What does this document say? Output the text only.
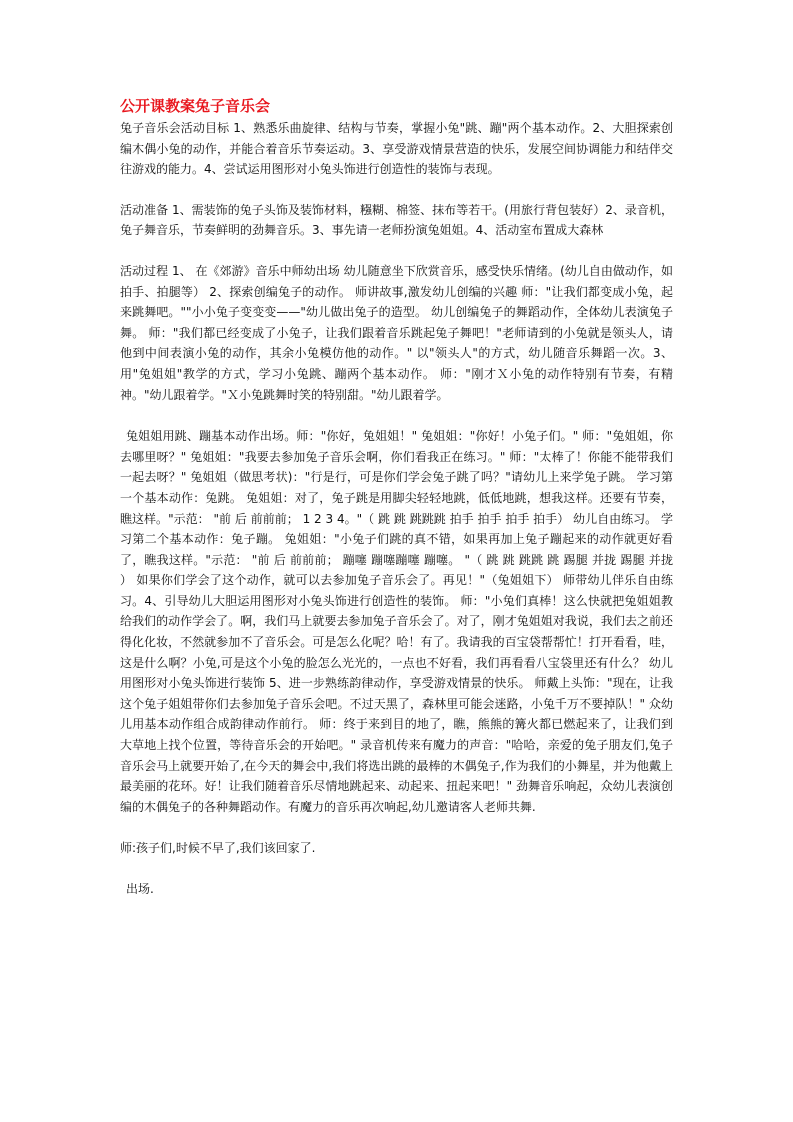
公开课教案兔子音乐会

兔子音乐会活动目标 1、熟悉乐曲旋律、结构与节奏，掌握小兔"跳、蹦"两个基本动作。2、大胆探索创编木偶小兔的动作，并能合着音乐节奏运动。3、享受游戏情景营造的快乐，发展空间协调能力和结伴交往游戏的能力。4、尝试运用图形对小兔头饰进行创造性的装饰与表现。

活动准备 1、需装饰的兔子头饰及装饰材料，糨糊、棉签、抹布等若干。(用旅行背包装好）2、录音机，兔子舞音乐，节奏鲜明的劲舞音乐。3、事先请一老师扮演兔姐姐。4、活动室布置成大森林

活动过程 1、 在《郊游》音乐中师幼出场 幼儿随意坐下欣赏音乐，感受快乐情绪。(幼儿自由做动作，如拍手、拍腿等） 2、探索创编兔子的动作。 师讲故事,激发幼儿创编的兴趣 师："让我们都变成小兔，起来跳舞吧。""小小兔子变变变——"幼儿做出兔子的造型。 幼儿创编兔子的舞蹈动作，全体幼儿表演兔子舞。 师："我们都已经变成了小兔子，让我们跟着音乐跳起兔子舞吧！"老师请到的小兔就是领头人，请他到中间表演小兔的动作，其余小兔模仿他的动作。" 以"领头人"的方式，幼儿随音乐舞蹈一次。3、用"兔姐姐"教学的方式，学习小兔跳、蹦两个基本动作。 师："刚才Ｘ小兔的动作特别有节奏，有精神。"幼儿跟着学。"Ｘ小兔跳舞时笑的特别甜。"幼儿跟着学。

兔姐姐用跳、蹦基本动作出场。师："你好，兔姐姐！" 兔姐姐："你好！小兔子们。" 师："兔姐姐，你去哪里呀？" 兔姐姐："我要去参加兔子音乐会啊，你们看我正在练习。" 师："太棒了！你能不能带我们一起去呀？" 兔姐姐（做思考状)："行是行，可是你们学会兔子跳了吗？"请幼儿上来学兔子跳。 学习第一个基本动作：兔跳。 兔姐姐：对了，兔子跳是用脚尖轻轻地跳，低低地跳，想我这样。还要有节奏，瞧这样。"示范： "前 后 前前前； 1 2 3 4。"（ 跳 跳 跳跳跳 拍手 拍手 拍手 拍手） 幼儿自由练习。 学习第二个基本动作：兔子蹦。 兔姐姐："小兔子们跳的真不错，如果再加上兔子蹦起来的动作就更好看了，瞧我这样。"示范： "前 后 前前前； 蹦噻 蹦噻蹦噻 蹦噻。 "（ 跳 跳 跳跳 跳 踢腿 并拢 踢腿 并拢 ） 如果你们学会了这个动作，就可以去参加兔子音乐会了。再见！"（兔姐姐下） 师带幼儿伴乐自由练习。4、引导幼儿大胆运用图形对小兔头饰进行创造性的装饰。 师："小兔们真棒！这么快就把兔姐姐教给我们的动作学会了。啊，我们马上就要去参加兔子音乐会了。对了，刚才兔姐姐对我说，我们去之前还得化化妆，不然就参加不了音乐会。可是怎么化呢？哈！有了。我请我的百宝袋帮帮忙！打开看看，哇，这是什么啊？小兔,可是这个小兔的脸怎么光光的，一点也不好看，我们再看看八宝袋里还有什么？ 幼儿用图形对小兔头饰进行装饰 5、进一步熟练韵律动作，享受游戏情景的快乐。 师戴上头饰："现在，让我这个兔子姐姐带你们去参加兔子音乐会吧。不过天黑了，森林里可能会迷路，小兔千万不要掉队！" 众幼儿用基本动作组合成韵律动作前行。 师：终于来到目的地了，瞧，熊熊的篝火都已燃起来了，让我们到大草地上找个位置，等待音乐会的开始吧。" 录音机传来有魔力的声音："哈哈，亲爱的兔子朋友们,兔子音乐会马上就要开始了,在今天的舞会中,我们将选出跳的最棒的木偶兔子,作为我们的小舞星，并为他戴上最美丽的花环。好！让我们随着音乐尽情地跳起来、动起来、扭起来吧！" 劲舞音乐响起，众幼儿表演创编的木偶兔子的各种舞蹈动作。有魔力的音乐再次响起,幼儿邀请客人老师共舞.

师:孩子们,时候不早了,我们该回家了.

出场.
